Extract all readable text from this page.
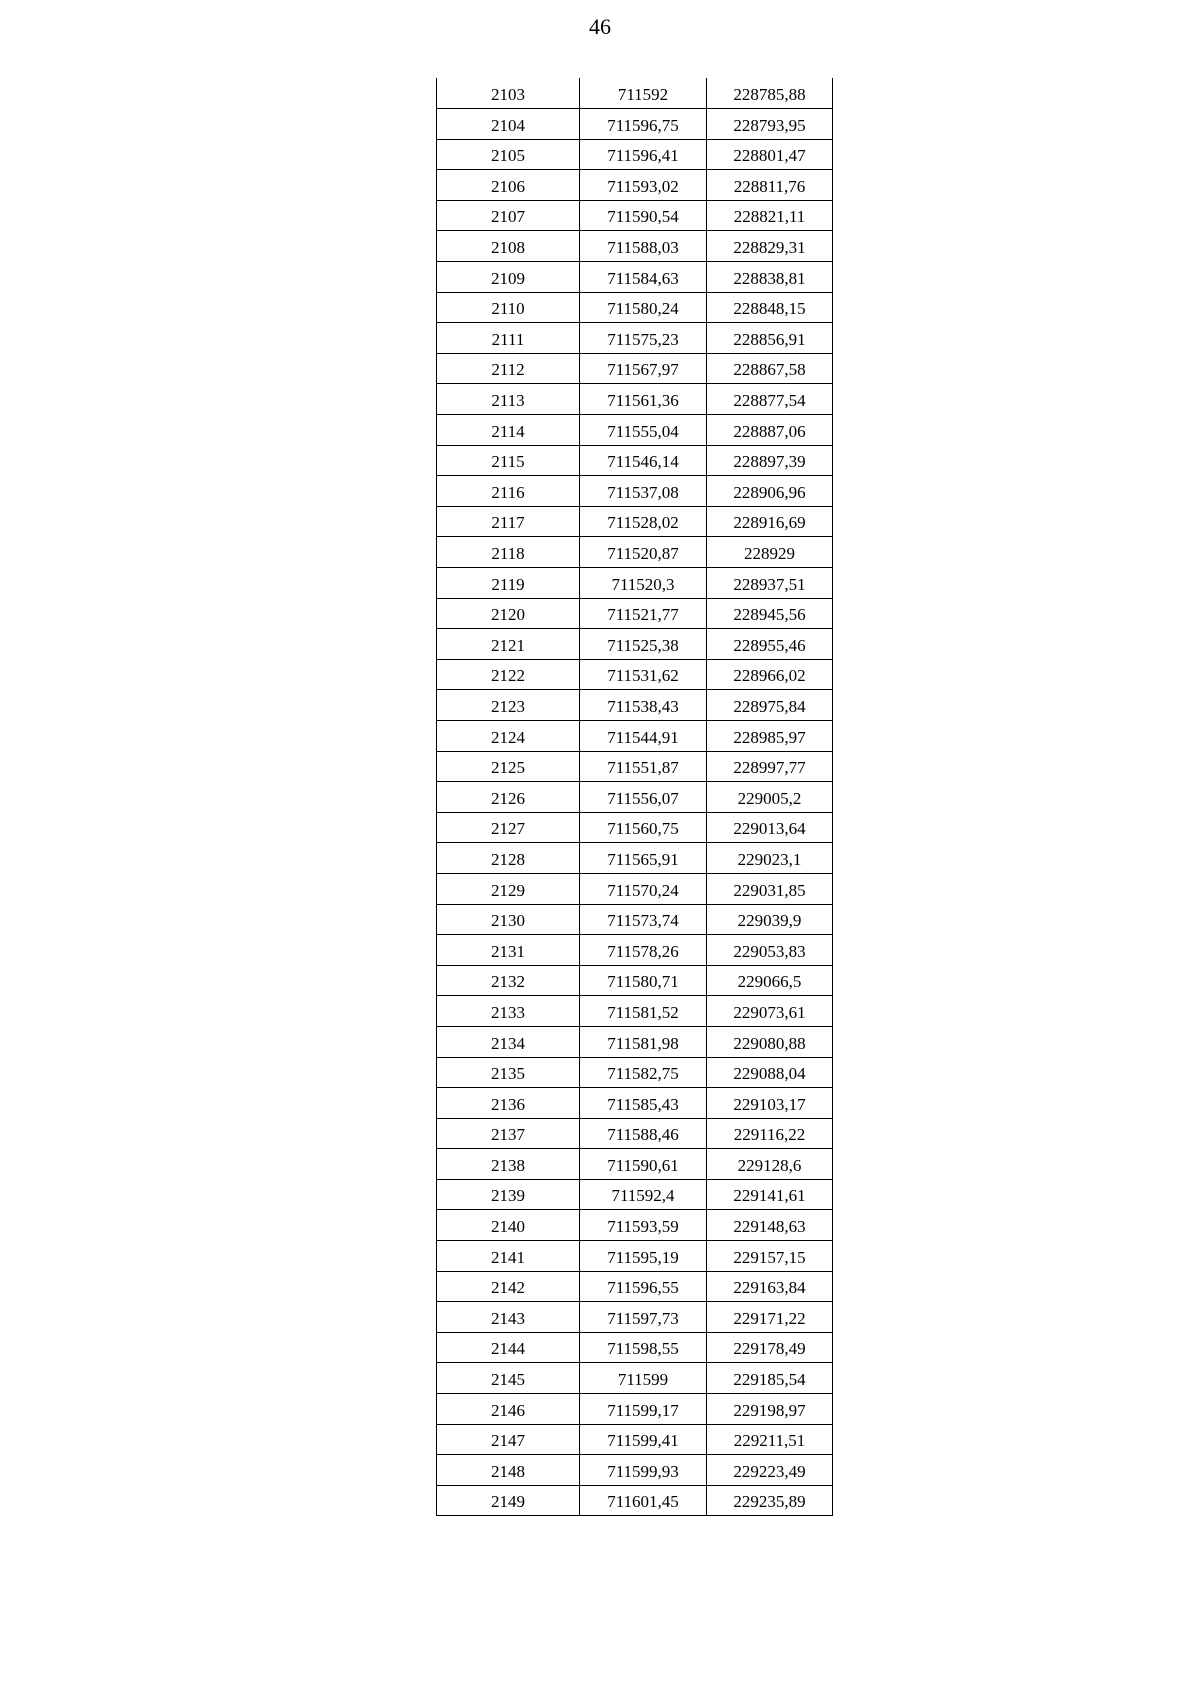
46
2103	711592	228785,88
2104	711596,75	228793,95
2105	711596,41	228801,47
2106	711593,02	228811,76
2107	711590,54	228821,11
2108	711588,03	228829,31
2109	711584,63	228838,81
2110	711580,24	228848,15
2111	711575,23	228856,91
2112	711567,97	228867,58
2113	711561,36	228877,54
2114	711555,04	228887,06
2115	711546,14	228897,39
2116	711537,08	228906,96
2117	711528,02	228916,69
2118	711520,87	228929
2119	711520,3	228937,51
2120	711521,77	228945,56
2121	711525,38	228955,46
2122	711531,62	228966,02
2123	711538,43	228975,84
2124	711544,91	228985,97
2125	711551,87	228997,77
2126	711556,07	229005,2
2127	711560,75	229013,64
2128	711565,91	229023,1
2129	711570,24	229031,85
2130	711573,74	229039,9
2131	711578,26	229053,83
2132	711580,71	229066,5
2133	711581,52	229073,61
2134	711581,98	229080,88
2135	711582,75	229088,04
2136	711585,43	229103,17
2137	711588,46	229116,22
2138	711590,61	229128,6
2139	711592,4	229141,61
2140	711593,59	229148,63
2141	711595,19	229157,15
2142	711596,55	229163,84
2143	711597,73	229171,22
2144	711598,55	229178,49
2145	711599	229185,54
2146	711599,17	229198,97
2147	711599,41	229211,51
2148	711599,93	229223,49
2149	711601,45	229235,89
